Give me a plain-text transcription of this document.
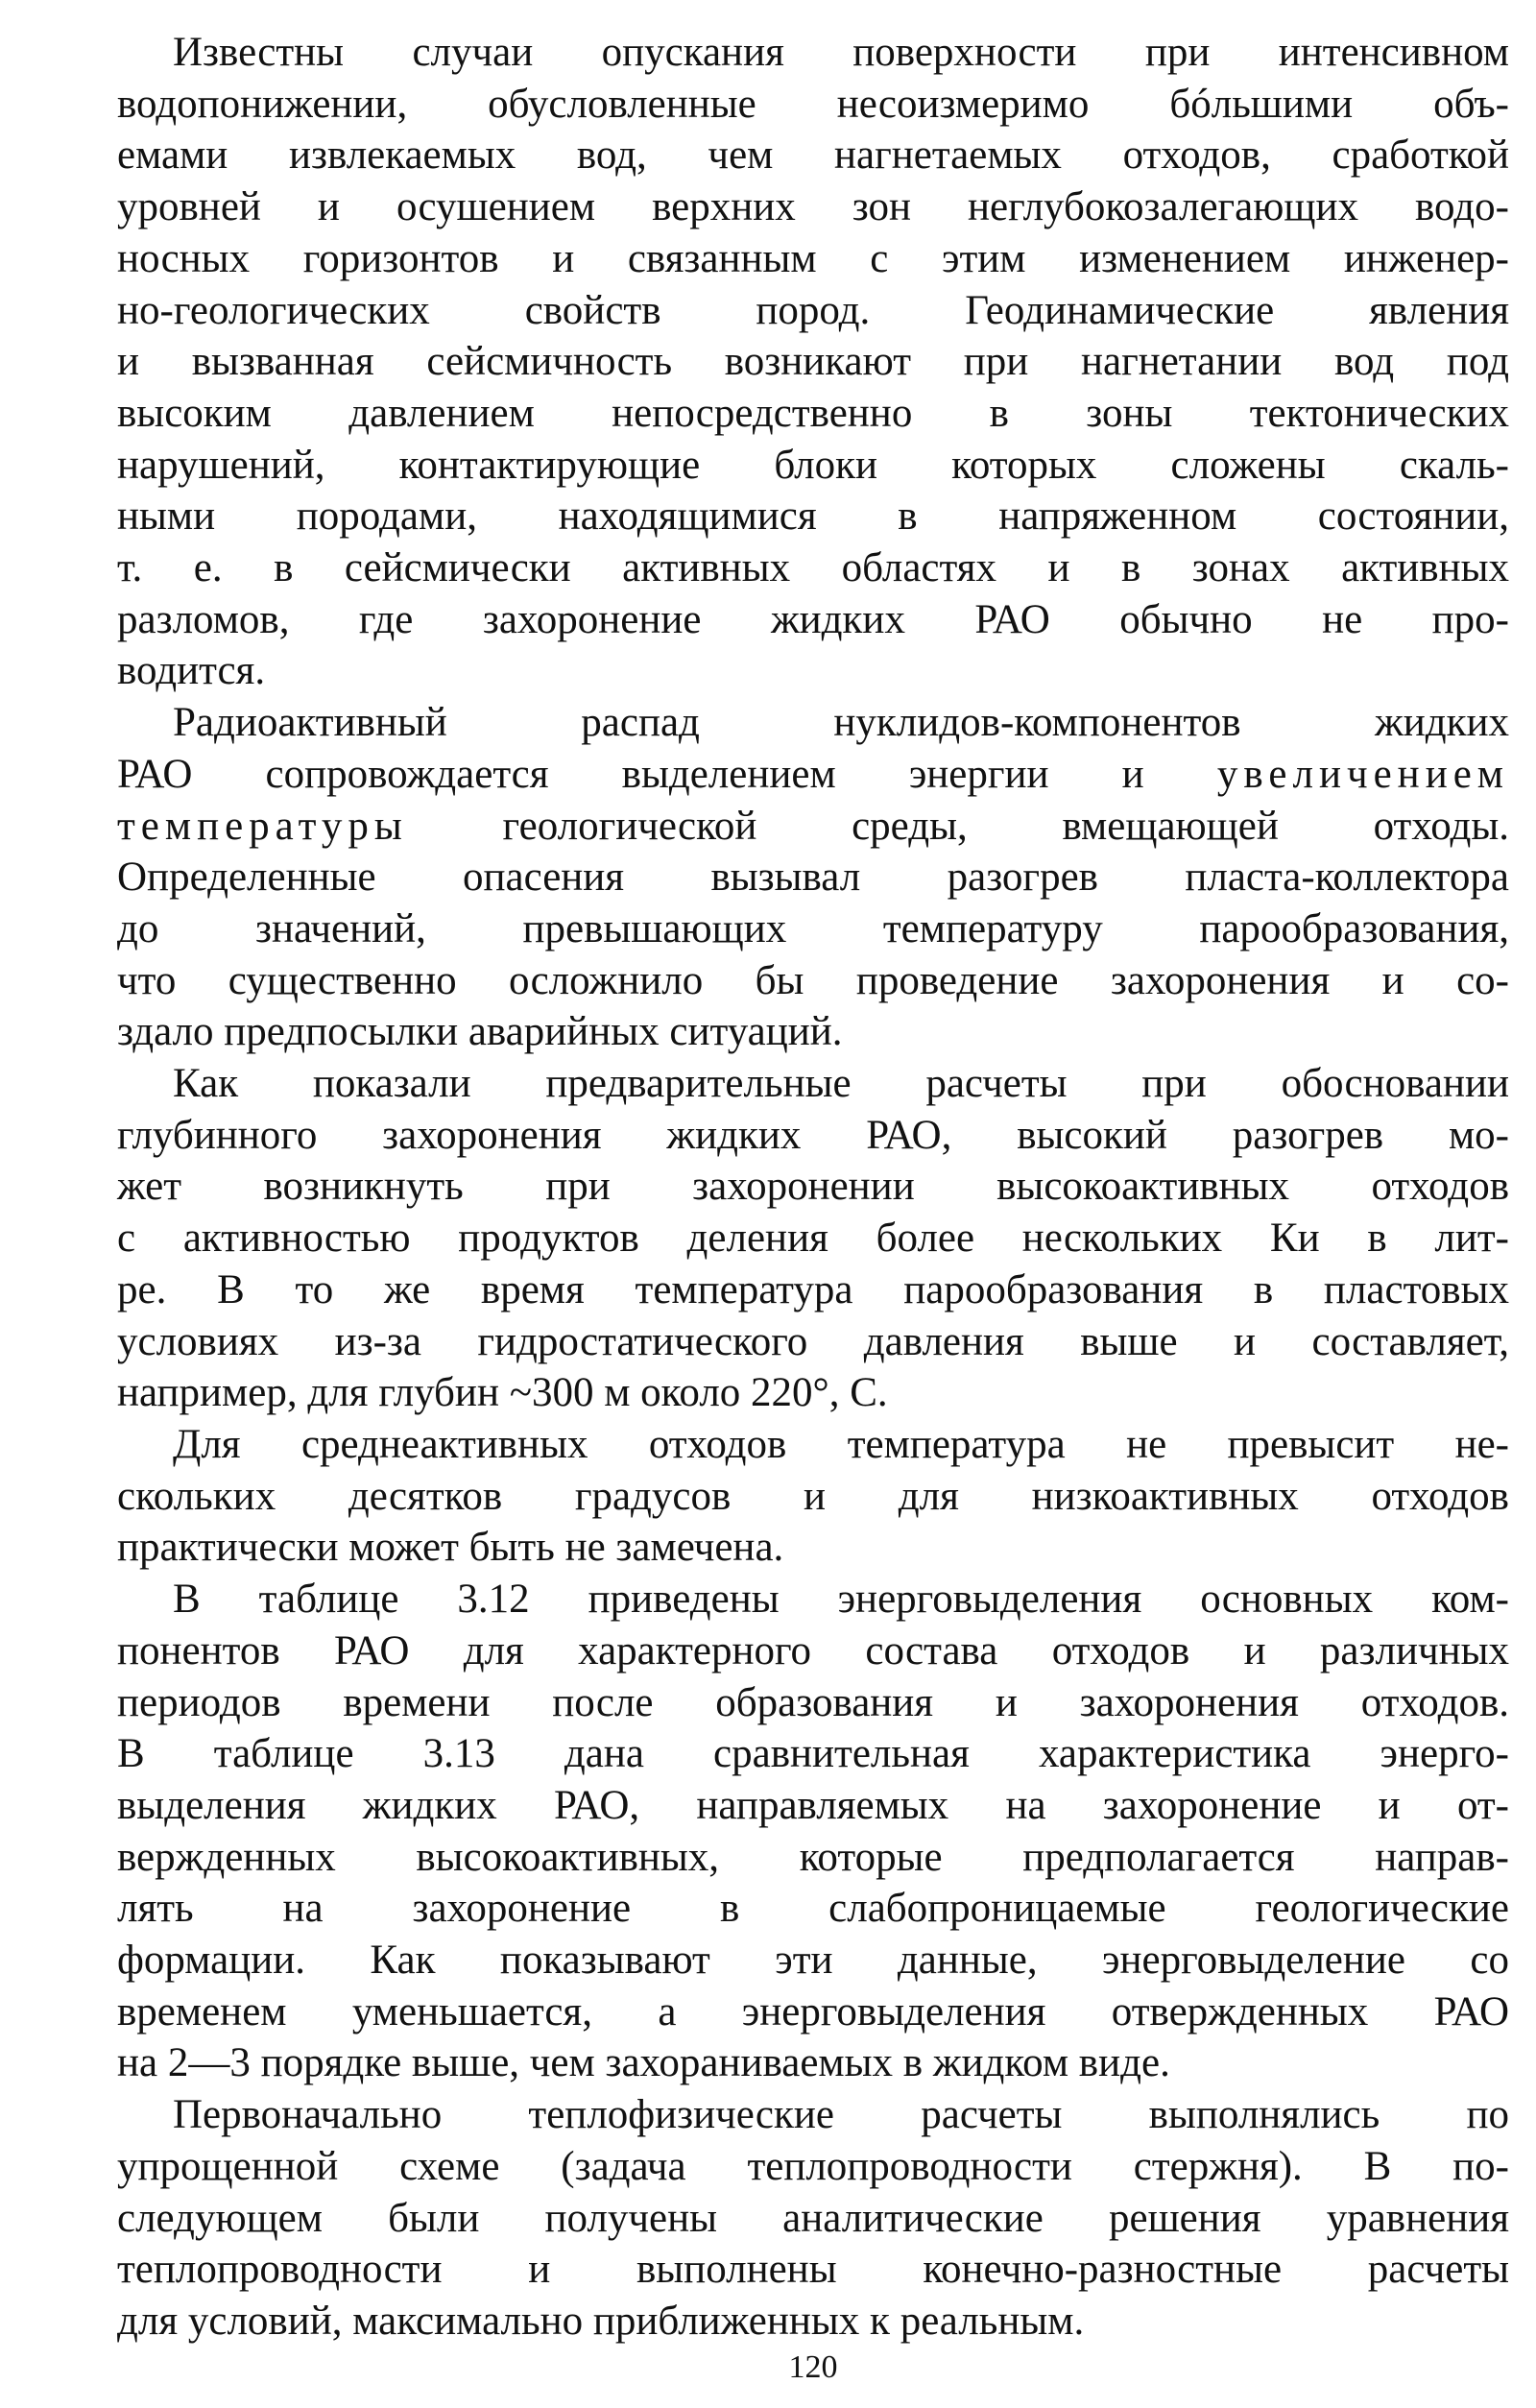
Известны случаи опускания поверхности при интенсивном
водопонижении, обусловленные несоизмеримо бóльшими объ-
емами извлекаемых вод, чем нагнетаемых отходов, сработкой
уровней и осушением верхних зон неглубокозалегающих водо-
носных горизонтов и связанным с этим изменением инженер-
но-геологических свойств пород. Геодинамические явления
и вызванная сейсмичность возникают при нагнетании вод под
высоким давлением непосредственно в зоны тектонических
нарушений, контактирующие блоки которых сложены скаль-
ными породами, находящимися в напряженном состоянии,
т. е. в сейсмически активных областях и в зонах активных
разломов, где захоронение жидких РАО обычно не про-
водится.

Радиоактивный распад нуклидов-компонентов жидких
РАО сопровождается выделением энергии и увеличением
температуры геологической среды, вмещающей отходы.
Определенные опасения вызывал разогрев пласта-коллектора
до значений, превышающих температуру парообразования,
что существенно осложнило бы проведение захоронения и со-
здало предпосылки аварийных ситуаций.

Как показали предварительные расчеты при обосновании
глубинного захоронения жидких РАО, высокий разогрев мо-
жет возникнуть при захоронении высокоактивных отходов
с активностью продуктов деления более нескольких Ки в лит-
ре. В то же время температура парообразования в пластовых
условиях из-за гидростатического давления выше и составляет,
например, для глубин ~300 м около 220°, С.

Для среднеактивных отходов температура не превысит не-
скольких десятков градусов и для низкоактивных отходов
практически может быть не замечена.

В таблице 3.12 приведены энерговыделения основных ком-
понентов РАО для характерного состава отходов и различных
периодов времени после образования и захоронения отходов.
В таблице 3.13 дана сравнительная характеристика энерго-
выделения жидких РАО, направляемых на захоронение и от-
вержденных высокоактивных, которые предполагается направ-
лять на захоронение в слабопроницаемые геологические
формации. Как показывают эти данные, энерговыделение со
временем уменьшается, а энерговыделения отвержденных РАО
на 2—3 порядке выше, чем захораниваемых в жидком виде.

Первоначально теплофизические расчеты выполнялись по
упрощенной схеме (задача теплопроводности стержня). В по-
следующем были получены аналитические решения уравнения
теплопроводности и выполнены конечно-разностные расчеты
для условий, максимально приближенных к реальным.

120
